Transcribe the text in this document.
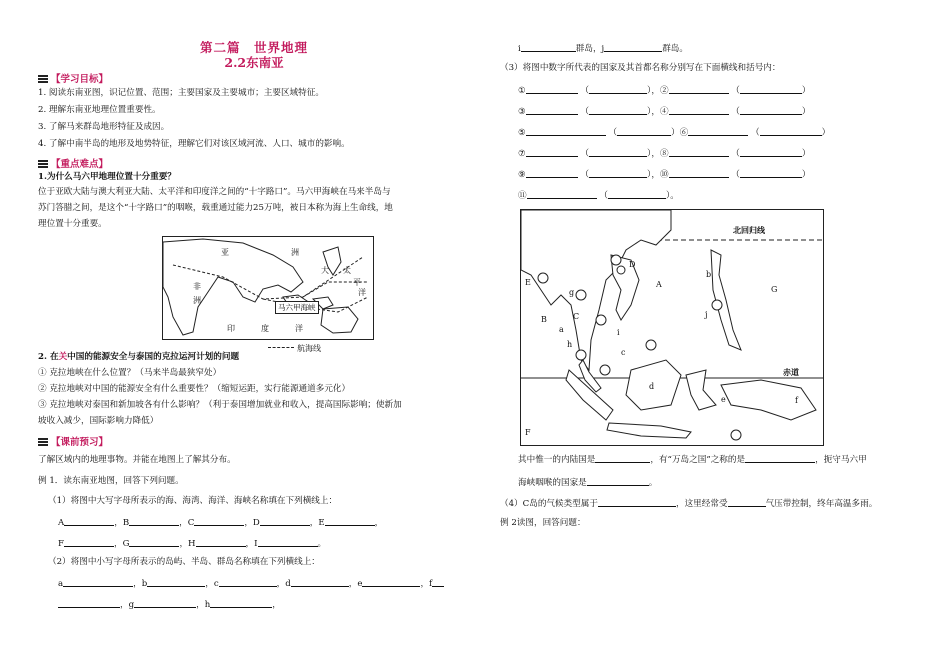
第二篇　世界地理
2.2东南亚
【学习目标】
1. 阅读东南亚图，识记位置、范围；主要国家及主要城市；主要区域特征。
2. 理解东南亚地理位置重要性。
3. 了解马来群岛地形特征及成因。
4. 了解中南半岛的地形及地势特征，理解它们对该区域河流、人口、城市的影响。
【重点难点】
1.为什么马六甲地理位置十分重要？
位于亚欧大陆与澳大利亚大陆、太平洋和印度洋之间的“十字路口”。马六甲海峡在马来半岛与
苏门答腊之间，是这个“十字路口”的咽喉，载重通过能力25万吨，被日本称为海上生命线，地
理位置十分重要。
亚	洲
非
洲
太
平
洋
大
印	度	洋
马六甲海峡
航海线
2. 在关中国的能源安全与泰国的克拉运河计划的问题
① 克拉地峡在什么位置？（马来半岛最狭窄处）
② 克拉地峡对中国的能源安全有什么重要性？（缩短运距，实行能源通道多元化）
③ 克拉地峡对泰国和新加坡各有什么影响？（利于泰国增加就业和收入，提高国际影响；使新加
坡收入减少，国际影响力降低）
【课前预习】
了解区域内的地理事物。并能在地图上了解其分布。
例 1．读东南亚地图，回答下列问题。
（1）将图中大写字母所表示的海、海湾、海洋、海峡名称填在下列横线上：
A	，B	，C	，D	，E	，
F	，G	，H	，I	。
（2）将图中小写字母所表示的岛屿、半岛、群岛名称填在下列横线上：
a	，b	，c	，d	，e	，f
，g	，h	，
i	群岛，j	群岛。
（3）将图中数字所代表的国家及其首都名称分别写在下面横线和括号内：
①	（	），②	（	）
③	（	），④	（	）
⑤	（	）⑥	（	）
⑦	（	），⑧	（	）
⑨	（	），⑩	（	）
⑪	（	）。
北回归线
赤道
A
B	C
D
E
F
G
a
b
c
d
e	f
g
h
i
j
其中惟一的内陆国是	，有“万岛之国”之称的是	，扼守马六甲
海峡咽喉的国家是	。
（4）C岛的气候类型属于	，这里经常受	气压带控制，终年高温多雨。
例 2读图，回答问题：
